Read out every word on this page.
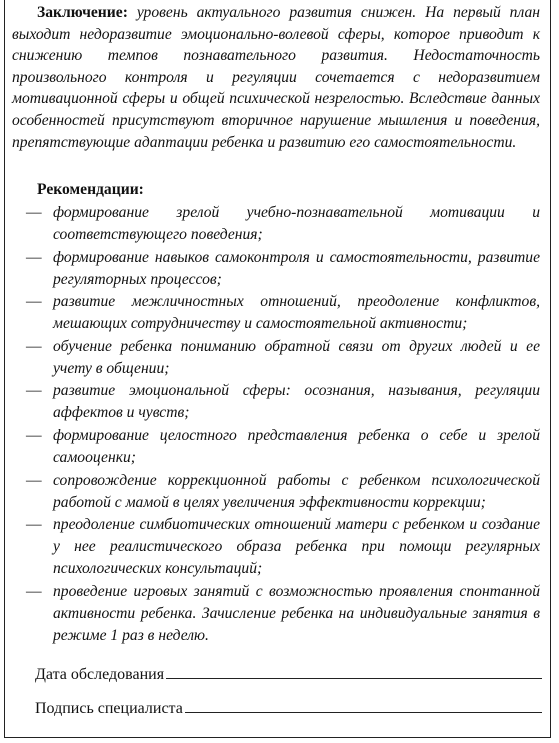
Заключение: уровень актуального развития снижен. На первый план выходит недоразвитие эмоционально-волевой сферы, которое приводит к снижению темпов познавательного развития. Недостаточность произвольного контроля и регуляции сочетается с недоразвитием мотивационной сферы и общей психической незрелостью. Вследствие данных особенностей присутствуют вторичное нарушение мышления и поведения, препятствующие адаптации ребенка и развитию его самостоятельности.

Рекомендации:

— формирование зрелой учебно-познавательной мотивации и соответствующего поведения;
— формирование навыков самоконтроля и самостоятельности, развитие регуляторных процессов;
— развитие межличностных отношений, преодоление конфликтов, мешающих сотрудничеству и самостоятельной активности;
— обучение ребенка пониманию обратной связи от других людей и ее учету в общении;
— развитие эмоциональной сферы: осознания, называния, регуляции аффектов и чувств;
— формирование целостного представления ребенка о себе и зрелой самооценки;
— сопровождение коррекционной работы с ребенком психологической работой с мамой в целях увеличения эффективности коррекции;
— преодоление симбиотических отношений матери с ребенком и создание у нее реалистического образа ребенка при помощи регулярных психологических консультаций;
— проведение игровых занятий с возможностью проявления спонтанной активности ребенка. Зачисление ребенка на индивидуальные занятия в режиме 1 раз в неделю.
Дата обследования
Подпись специалиста
